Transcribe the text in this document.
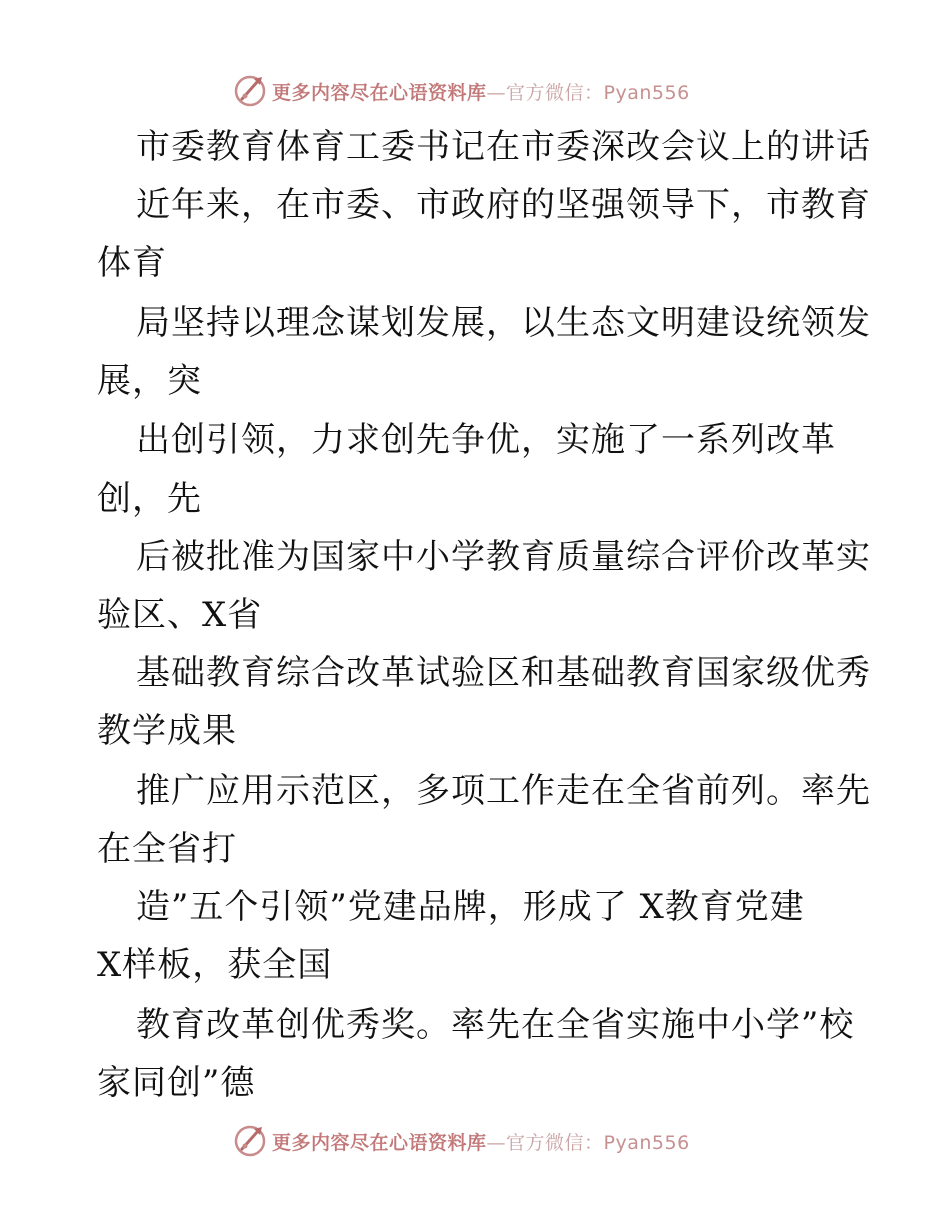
更多内容尽在心语资料库—官方微信：Pyan556
市委教育体育工委书记在市委深改会议上的讲话
近年来，在市委、市政府的坚强领导下，市教育
体育
局坚持以理念谋划发展，以生态文明建设统领发
展，突
出创引领，力求创先争优，实施了一系列改革
创，先
后被批准为国家中小学教育质量综合评价改革实
验区、X省
基础教育综合改革试验区和基础教育国家级优秀
教学成果
推广应用示范区，多项工作走在全省前列。率先
在全省打
造”五个引领”党建品牌，形成了 X教育党建
X样板，获全国
教育改革创优秀奖。率先在全省实施中小学”校
家同创”德
更多内容尽在心语资料库—官方微信：Pyan556
